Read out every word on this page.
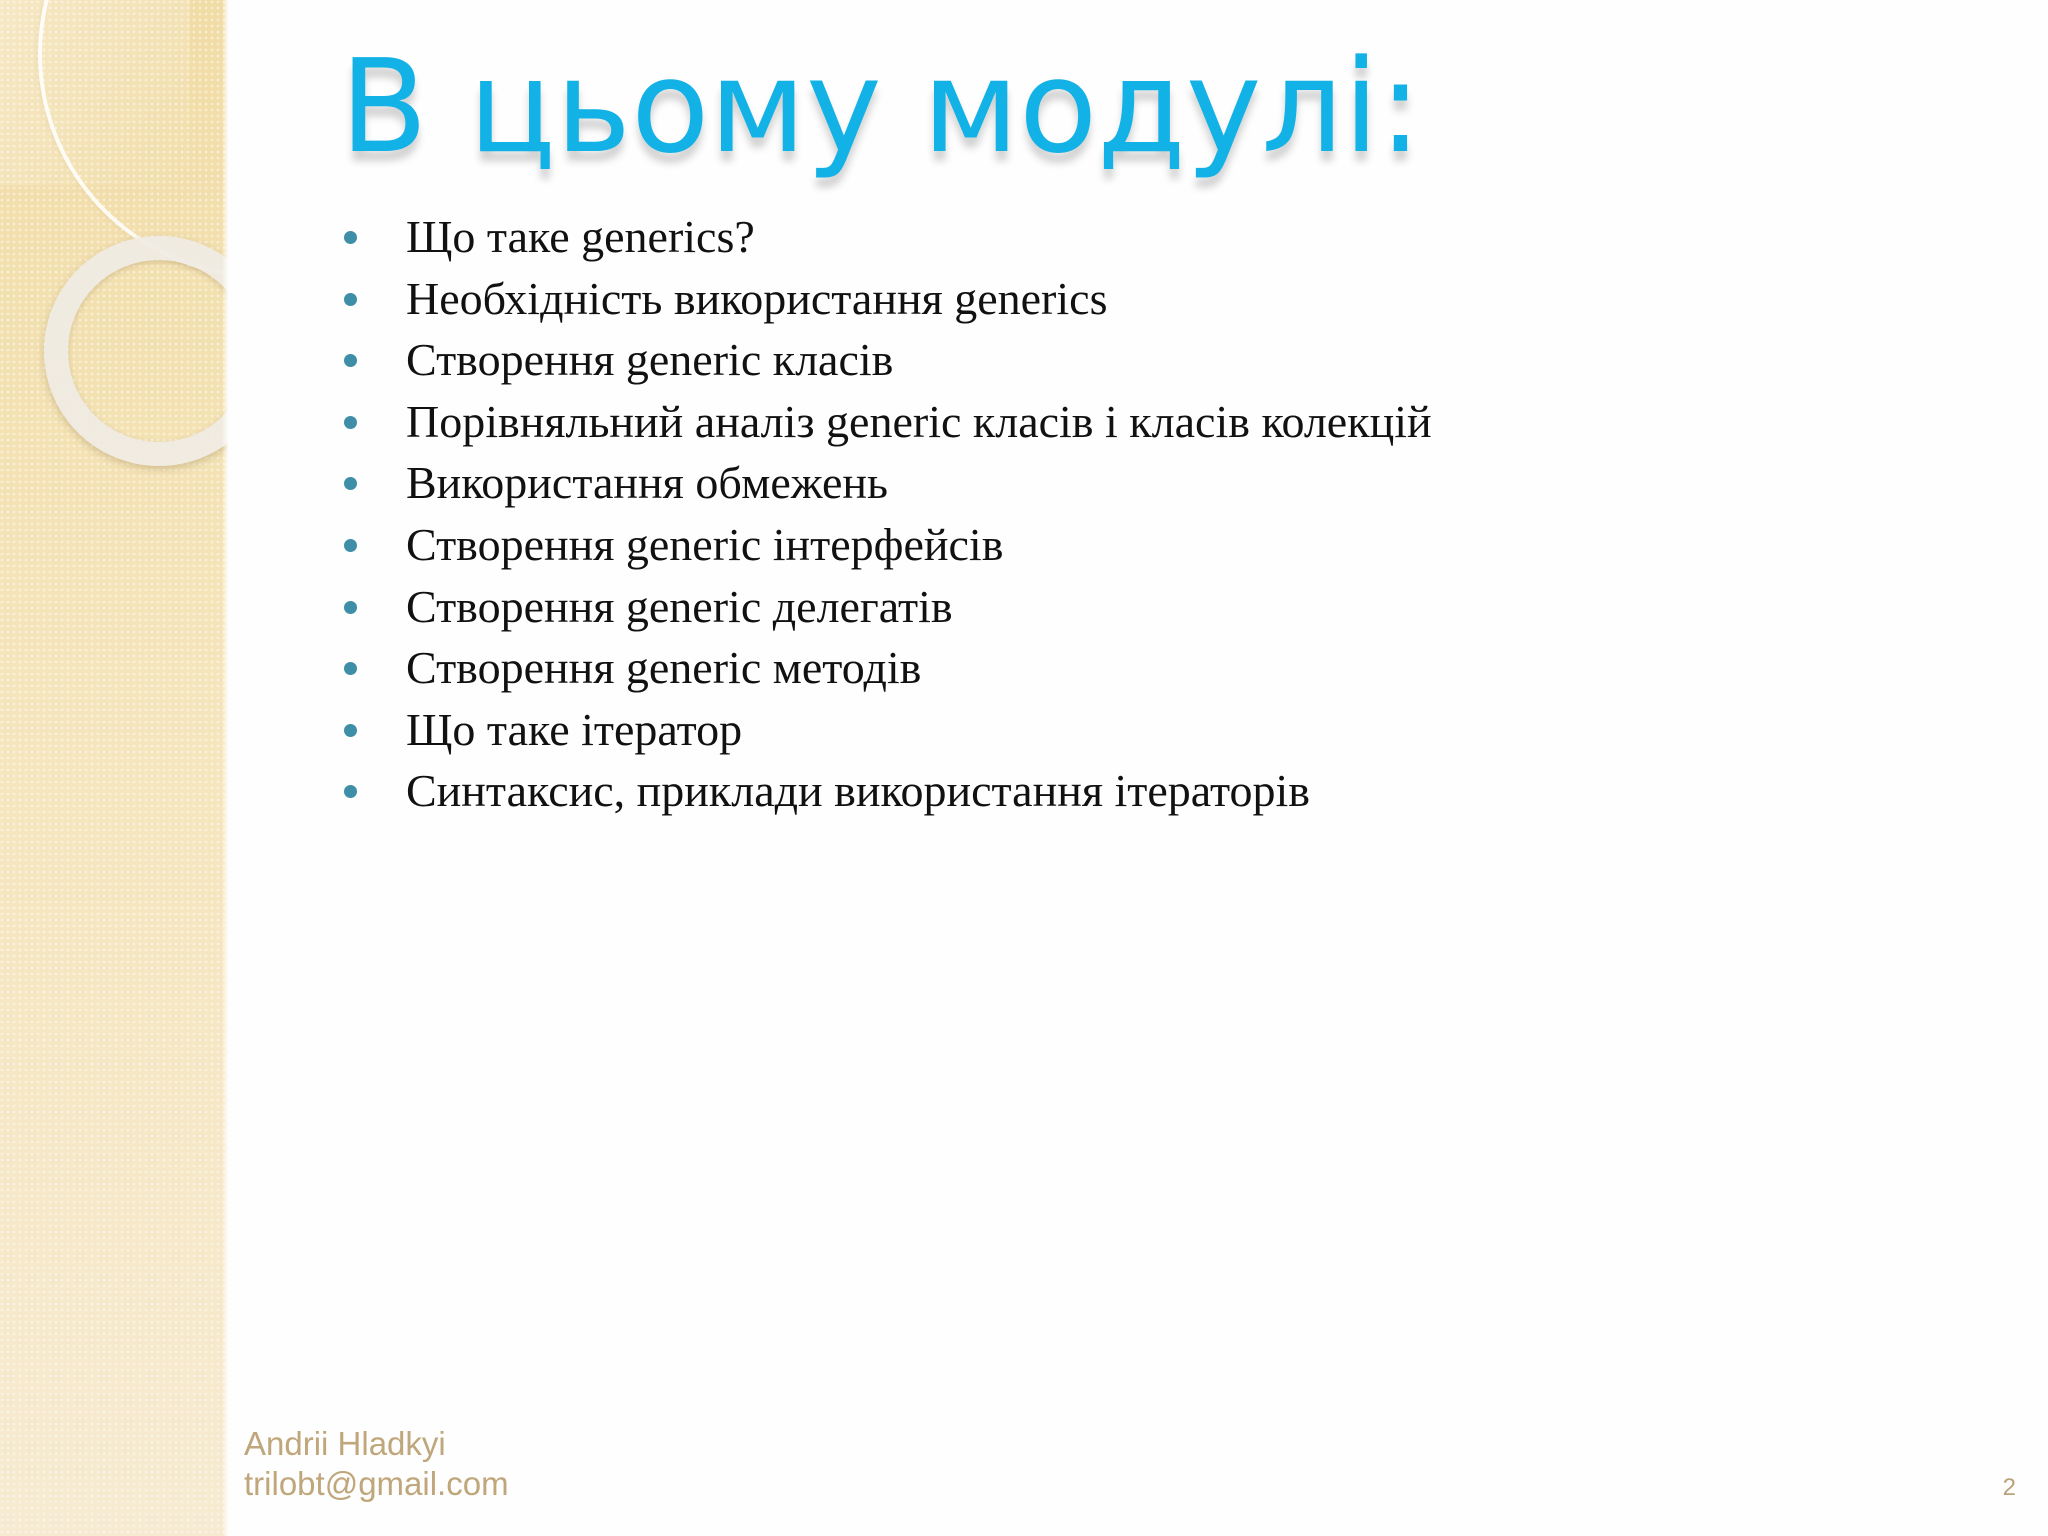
В цьому модулі:
Що таке generics?
Необхідність використання generics
Створення generic класів
Порівняльний аналіз generic класів і класів колекцій
Використання обмежень
Створення generic інтерфейсів
Створення generic делегатів
Створення generic методів
Що таке ітератор
Синтаксис, приклади використання ітераторів
Andrii Hladkyi
trilobt@gmail.com	2
